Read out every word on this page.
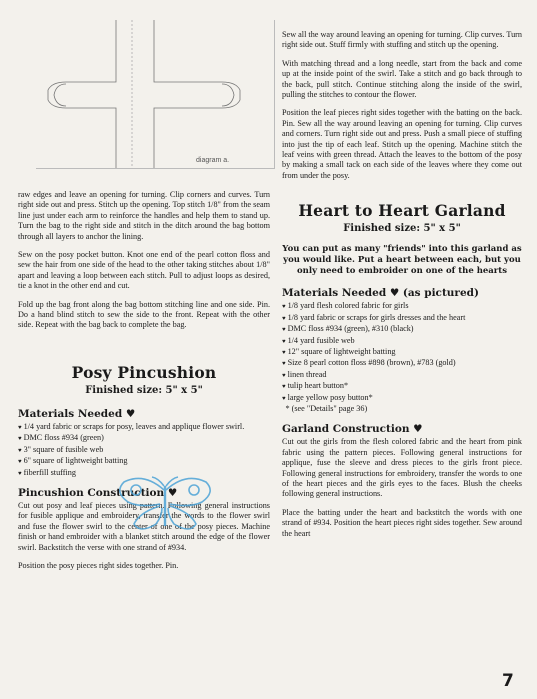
diagram a.

raw edges and leave an opening for turning. Clip corners and curves. Turn right side out and press. Stitch up the opening. Top stitch 1/8" from the seam line just under each arm to reinforce the handles and help them to stand up. Turn the bag to the right side and stitch in the ditch around the bag bottom through all layers to anchor the lining.

Sew on the posy pocket button. Knot one end of the pearl cotton floss and sew the hair from one side of the head to the other taking stitches about 1/8" apart and leaving a loop between each stitch. Pull to adjust loops as desired, tie a knot in the other end and cut.

Fold up the bag front along the bag bottom stitching line and one side. Pin. Do a hand blind stitch to sew the side to the front. Repeat with the other side. Repeat with the bag back to complete the bag.

Posy Pincushion
Finished size: 5" x 5"
Materials Needed ♥
♥ 1/4 yard fabric or scraps for posy, leaves and applique flower swirl.
♥ DMC floss #934 (green)
♥ 3" square of fusible web
♥ 6" square of lightweight batting
♥ fiberfill stuffing
Pincushion Construction ♥

Cut out posy and leaf pieces using pattern. Following general instructions for fusible applique and embroidery, transfer the words to the flower swirl and fuse the flower swirl to the center of one of the posy pieces. Machine finish or hand embroider with a blanket stitch around the edge of the flower swirl. Backstitch the verse with one strand of #934.

Position the posy pieces right sides together. Pin.

Sew all the way around leaving an opening for turning. Clip curves. Turn right side out. Stuff firmly with stuffing and stitch up the opening.

With matching thread and a long needle, start from the back and come up at the inside point of the swirl. Take a stitch and go back through to the back, pull stitch. Continue stitching along the inside of the swirl, pulling the stitches to contour the flower.

Position the leaf pieces right sides together with the batting on the back. Pin. Sew all the way around leaving an opening for turning. Clip curves and corners. Turn right side out and press. Push a small piece of stuffing into just the tip of each leaf. Stitch up the opening. Machine stitch the leaf veins with green thread. Attach the leaves to the bottom of the posy by making a small tack on each side of the leaves where they come out from under the posy.

Heart to Heart Garland
Finished size: 5" x 5"

You can put as many "friends" into this garland as you would like. Put a heart between each, but you only need to embroider on one of the hearts

Materials Needed ♥ (as pictured)
♥ 1/8 yard flesh colored fabric for girls
♥ 1/8 yard fabric or scraps for girls dresses and the heart
♥ DMC floss #934 (green), #310 (black)
♥ 1/4 yard fusible web
♥ 12" square of lightweight batting
♥ Size 8 pearl cotton floss #898 (brown), #783 (gold)
♥ linen thread
♥ tulip heart button*
♥ large yellow posy button*
* (see "Details" page 36)
Garland Construction ♥

Cut out the girls from the flesh colored fabric and the heart from pink fabric using the pattern pieces. Following general instructions for applique, fuse the sleeve and dress pieces to the girls front piece. Following general instructions for embroidery, transfer the words to one of the heart pieces and the girls eyes to the faces. Blush the cheeks following general instructions.

Place the batting under the heart and backstitch the words with one strand of #934. Position the heart pieces right sides together. Sew around the heart

7
